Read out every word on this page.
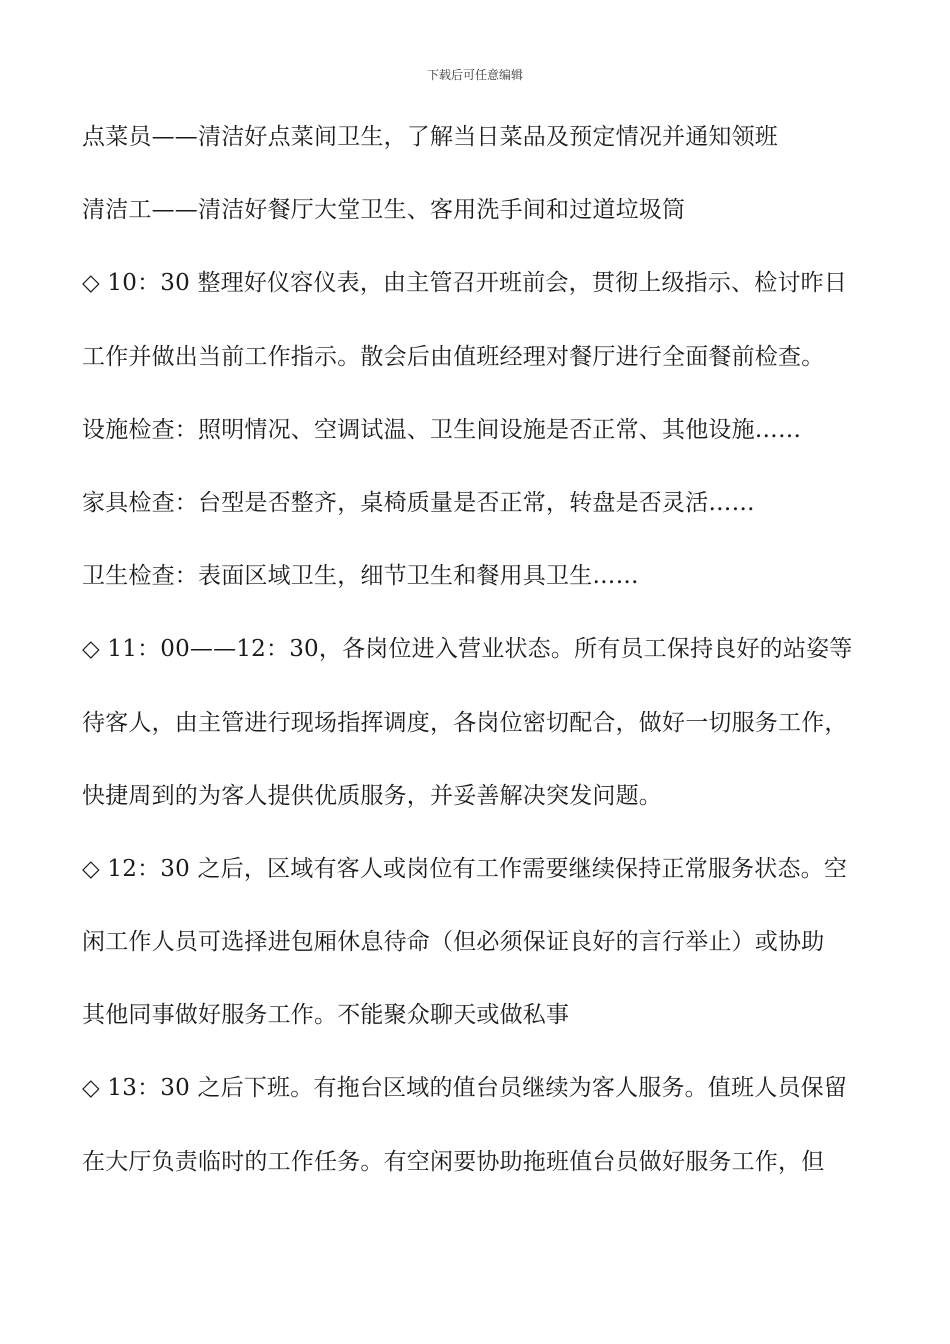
下载后可任意编辑
点菜员——清洁好点菜间卫生，了解当日菜品及预定情况并通知领班
清洁工——清洁好餐厅大堂卫生、客用洗手间和过道垃圾筒
◇ 10：30 整理好仪容仪表，由主管召开班前会，贯彻上级指示、检讨昨日
工作并做出当前工作指示。散会后由值班经理对餐厅进行全面餐前检查。
设施检查：照明情况、空调试温、卫生间设施是否正常、其他设施……
家具检查：台型是否整齐，桌椅质量是否正常，转盘是否灵活……
卫生检查：表面区域卫生，细节卫生和餐用具卫生……
◇ 11：00——12：30，各岗位进入营业状态。所有员工保持良好的站姿等
待客人，由主管进行现场指挥调度，各岗位密切配合，做好一切服务工作，
快捷周到的为客人提供优质服务，并妥善解决突发问题。
◇ 12：30 之后，区域有客人或岗位有工作需要继续保持正常服务状态。空
闲工作人员可选择进包厢休息待命（但必须保证良好的言行举止）或协助
其他同事做好服务工作。不能聚众聊天或做私事
◇ 13：30 之后下班。有拖台区域的值台员继续为客人服务。值班人员保留
在大厅负责临时的工作任务。有空闲要协助拖班值台员做好服务工作，但
